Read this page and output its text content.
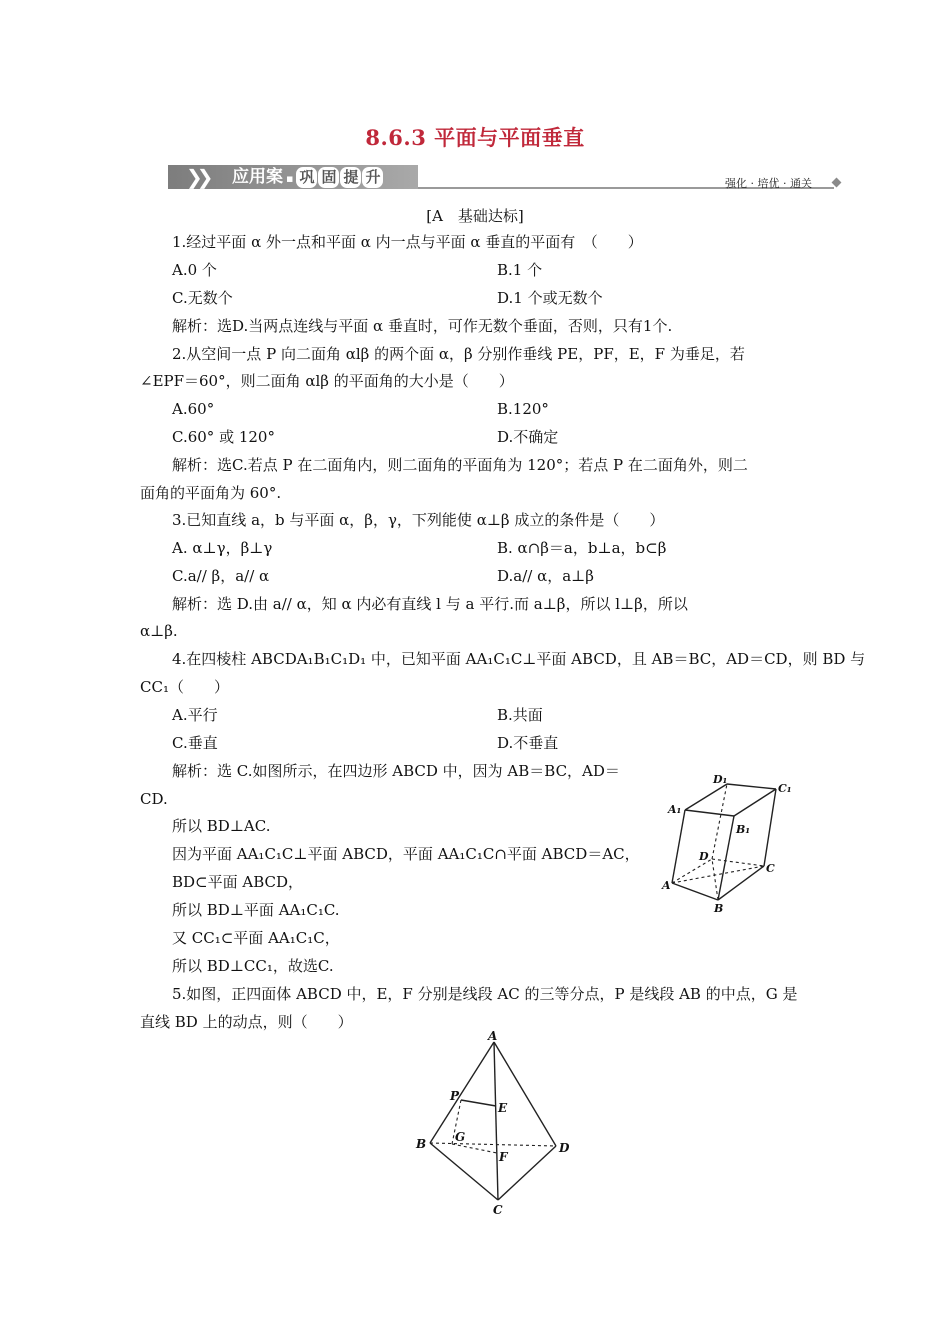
8.6.3 平面与平面垂直
❯❯ 应用案 ▪ 巩 固 提 升	强化 · 培优 · 通关
[A　基础达标]
1.经过平面 α 外一点和平面 α 内一点与平面 α 垂直的平面有　（　　）
A.0 个	B.1 个
C.无数个	D.1 个或无数个
解析：选D.当两点连线与平面 α 垂直时，可作无数个垂面，否则，只有1个.
2.从空间一点 P 向二面角 αlβ 的两个面 α，β 分别作垂线 PE，PF，E，F 为垂足，若
∠EPF＝60°，则二面角 αlβ 的平面角的大小是（　　）
A.60°	B.120°
C.60° 或 120°	D.不确定
解析：选C.若点 P 在二面角内，则二面角的平面角为 120°；若点 P 在二面角外，则二
面角的平面角为 60°.
3.已知直线 a，b 与平面 α，β，γ，下列能使 α⊥β 成立的条件是（　　）
A. α⊥γ，β⊥γ	B. α∩β＝a，b⊥a，b⊂β
C.a// β，a// α	D.a// α，a⊥β
解析：选 D.由 a// α，知 α 内必有直线 l 与 a 平行.而 a⊥β，所以 l⊥β，所以
α⊥β.
4.在四棱柱 ABCDA₁B₁C₁D₁ 中，已知平面 AA₁C₁C⊥平面 ABCD，且 AB＝BC，AD＝CD，则 BD 与
CC₁（　　）
A.平行	B.共面
C.垂直	D.不垂直
解析：选 C.如图所示，在四边形 ABCD 中，因为 AB＝BC，AD＝
CD.
所以 BD⊥AC.
因为平面 AA₁C₁C⊥平面 ABCD，平面 AA₁C₁C∩平面 ABCD＝AC，
BD⊂平面 ABCD，
所以 BD⊥平面 AA₁C₁C.
又 CC₁⊂平面 AA₁C₁C，
所以 BD⊥CC₁，故选C.
D₁
C₁
A₁
B₁
D
C
A
B
5.如图，正四面体 ABCD 中，E，F 分别是线段 AC 的三等分点，P 是线段 AB 的中点，G 是
直线 BD 上的动点，则（　　）
A
P
E
B G
D
F
C
